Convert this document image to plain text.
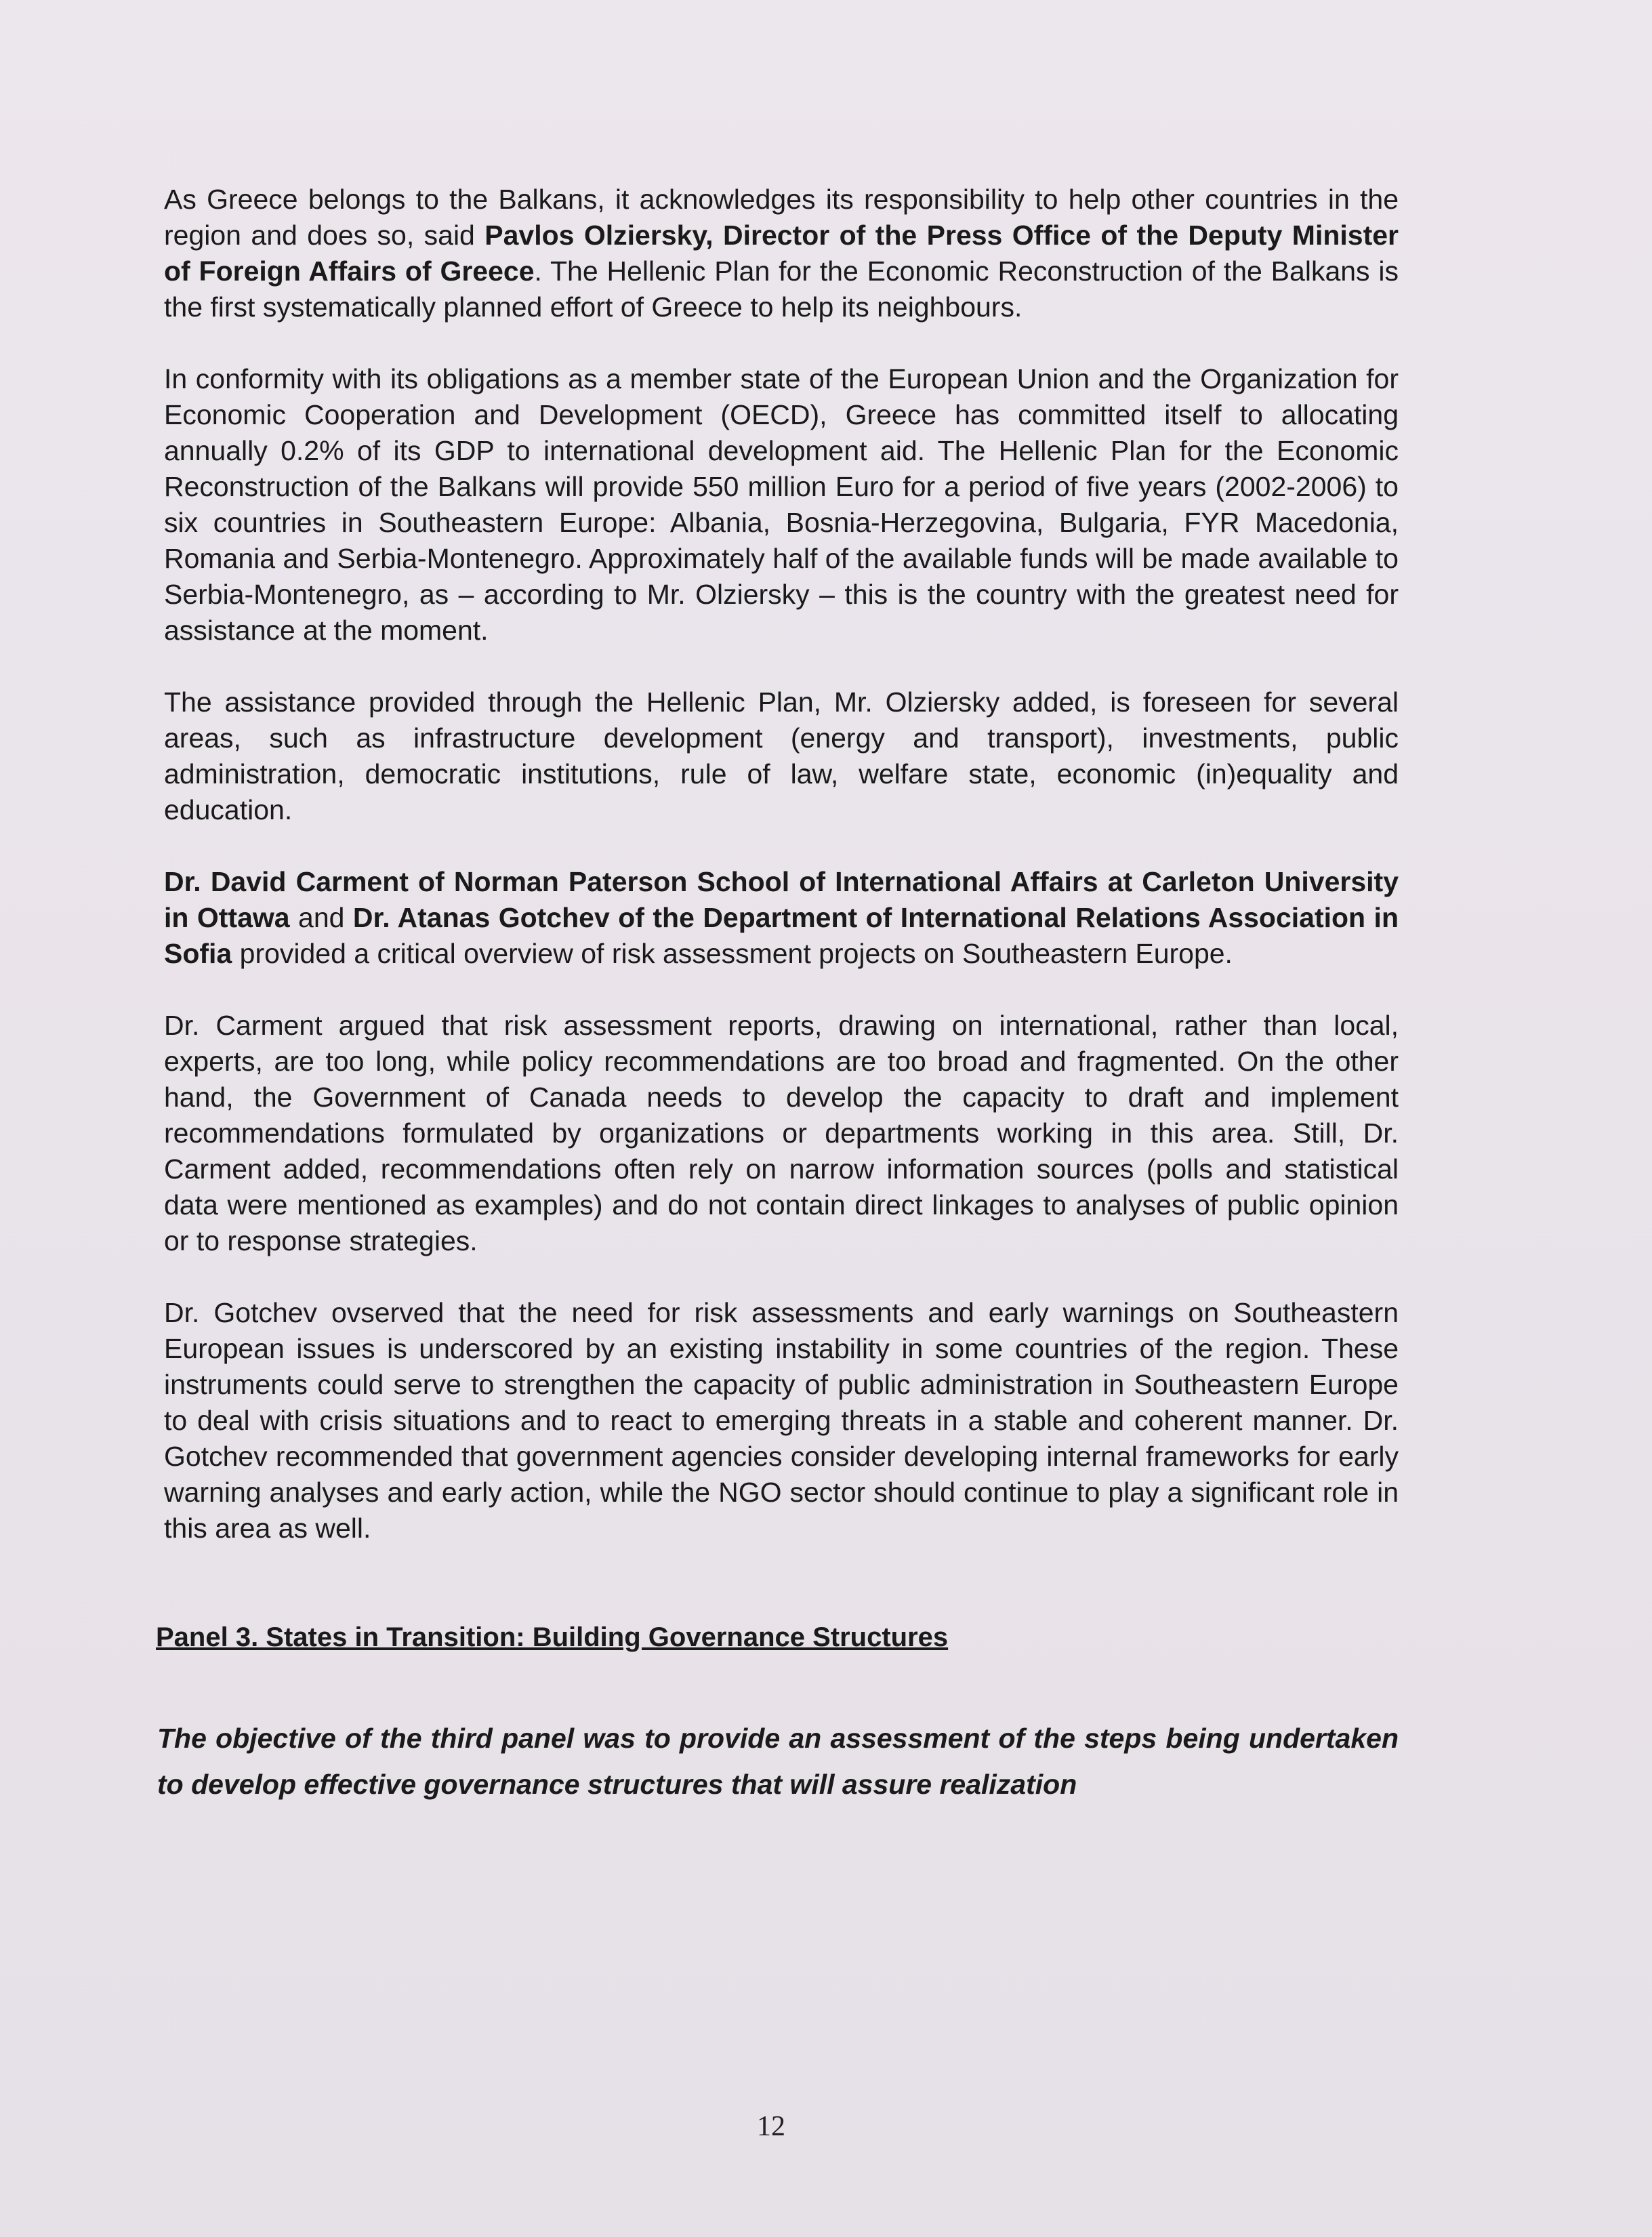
As Greece belongs to the Balkans, it acknowledges its responsibility to help other countries in the region and does so, said Pavlos Olziersky, Director of the Press Office of the Deputy Minister of Foreign Affairs of Greece. The Hellenic Plan for the Economic Reconstruction of the Balkans is the first systematically planned effort of Greece to help its neighbours.

In conformity with its obligations as a member state of the European Union and the Organization for Economic Cooperation and Development (OECD), Greece has committed itself to allocating annually 0.2% of its GDP to international development aid. The Hellenic Plan for the Economic Reconstruction of the Balkans will provide 550 million Euro for a period of five years (2002-2006) to six countries in Southeastern Europe: Albania, Bosnia-Herzegovina, Bulgaria, FYR Macedonia, Romania and Serbia-Montenegro. Approximately half of the available funds will be made available to Serbia-Montenegro, as – according to Mr. Olziersky – this is the country with the greatest need for assistance at the moment.

The assistance provided through the Hellenic Plan, Mr. Olziersky added, is foreseen for several areas, such as infrastructure development (energy and transport), investments, public administration, democratic institutions, rule of law, welfare state, economic (in)equality and education.

Dr. David Carment of Norman Paterson School of International Affairs at Carleton University in Ottawa and Dr. Atanas Gotchev of the Department of International Relations Association in Sofia provided a critical overview of risk assessment projects on Southeastern Europe.

Dr. Carment argued that risk assessment reports, drawing on international, rather than local, experts, are too long, while policy recommendations are too broad and fragmented. On the other hand, the Government of Canada needs to develop the capacity to draft and implement recommendations formulated by organizations or departments working in this area. Still, Dr. Carment added, recommendations often rely on narrow information sources (polls and statistical data were mentioned as examples) and do not contain direct linkages to analyses of public opinion or to response strategies.

Dr. Gotchev ovserved that the need for risk assessments and early warnings on Southeastern European issues is underscored by an existing instability in some countries of the region. These instruments could serve to strengthen the capacity of public administration in Southeastern Europe to deal with crisis situations and to react to emerging threats in a stable and coherent manner. Dr. Gotchev recommended that government agencies consider developing internal frameworks for early warning analyses and early action, while the NGO sector should continue to play a significant role in this area as well.

Panel 3. States in Transition: Building Governance Structures
The objective of the third panel was to provide an assessment of the steps being undertaken to develop effective governance structures that will assure realization
12
